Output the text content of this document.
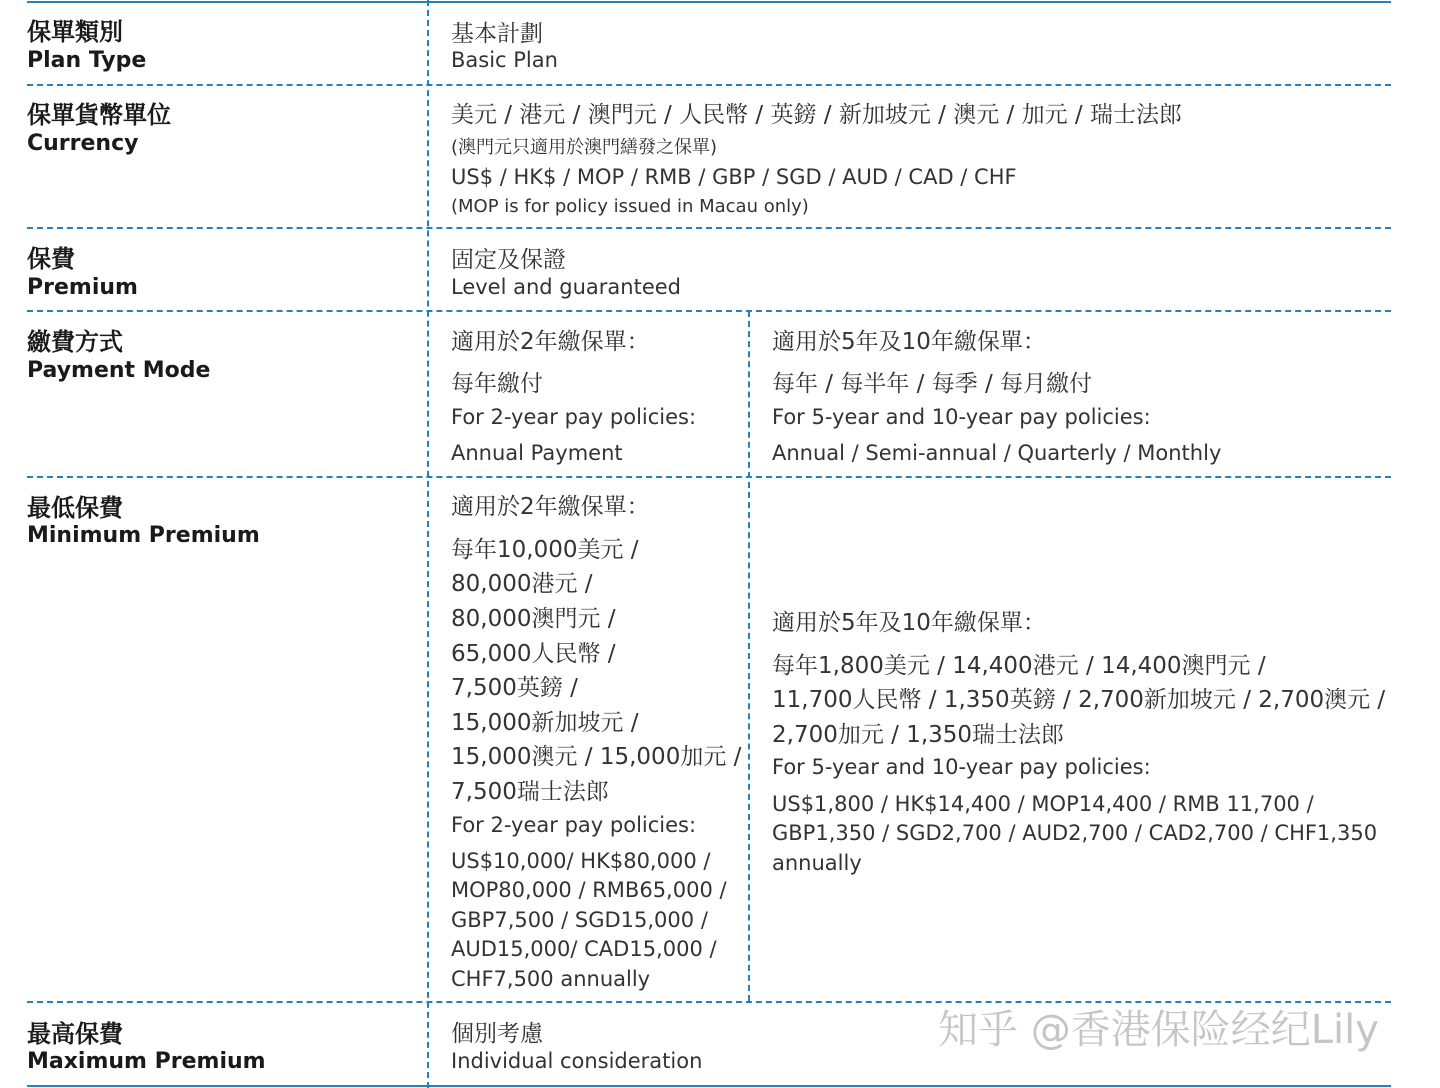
保單類別
Plan Type
基本計劃
Basic Plan
保單貨幣單位
Currency
美元 / 港元 / 澳門元 / 人民幣 / 英鎊 / 新加坡元 / 澳元 / 加元 / 瑞士法郎
(澳門元只適用於澳門繕發之保單)
US$ / HK$ / MOP / RMB / GBP / SGD / AUD / CAD / CHF
(MOP is for policy issued in Macau only)
保費
Premium
固定及保證
Level and guaranteed
繳費方式
Payment Mode
適用於2年繳保單：
每年繳付
For 2-year pay policies:
Annual Payment
適用於5年及10年繳保單：
每年 / 每半年 / 每季 / 每月繳付
For 5-year and 10-year pay policies:
Annual / Semi-annual / Quarterly / Monthly
最低保費
Minimum Premium
適用於2年繳保單：
每年10,000美元 /
80,000港元 /
80,000澳門元 /
65,000人民幣 /
7,500英鎊 /
15,000新加坡元 /
15,000澳元 / 15,000加元 /
7,500瑞士法郎
For 2-year pay policies:
US$10,000/ HK$80,000 /
MOP80,000 / RMB65,000 /
GBP7,500 / SGD15,000 /
AUD15,000/ CAD15,000 /
CHF7,500 annually
適用於5年及10年繳保單：
每年1,800美元 / 14,400港元 / 14,400澳門元 /
11,700人民幣 / 1,350英鎊 / 2,700新加坡元 / 2,700澳元 /
2,700加元 / 1,350瑞士法郎
For 5-year and 10-year pay policies:
US$1,800 / HK$14,400 / MOP14,400 / RMB 11,700 /
GBP1,350 / SGD2,700 / AUD2,700 / CAD2,700 / CHF1,350
annually
最高保費
Maximum Premium
個別考慮
Individual consideration
知乎 @香港保险经纪Lily
